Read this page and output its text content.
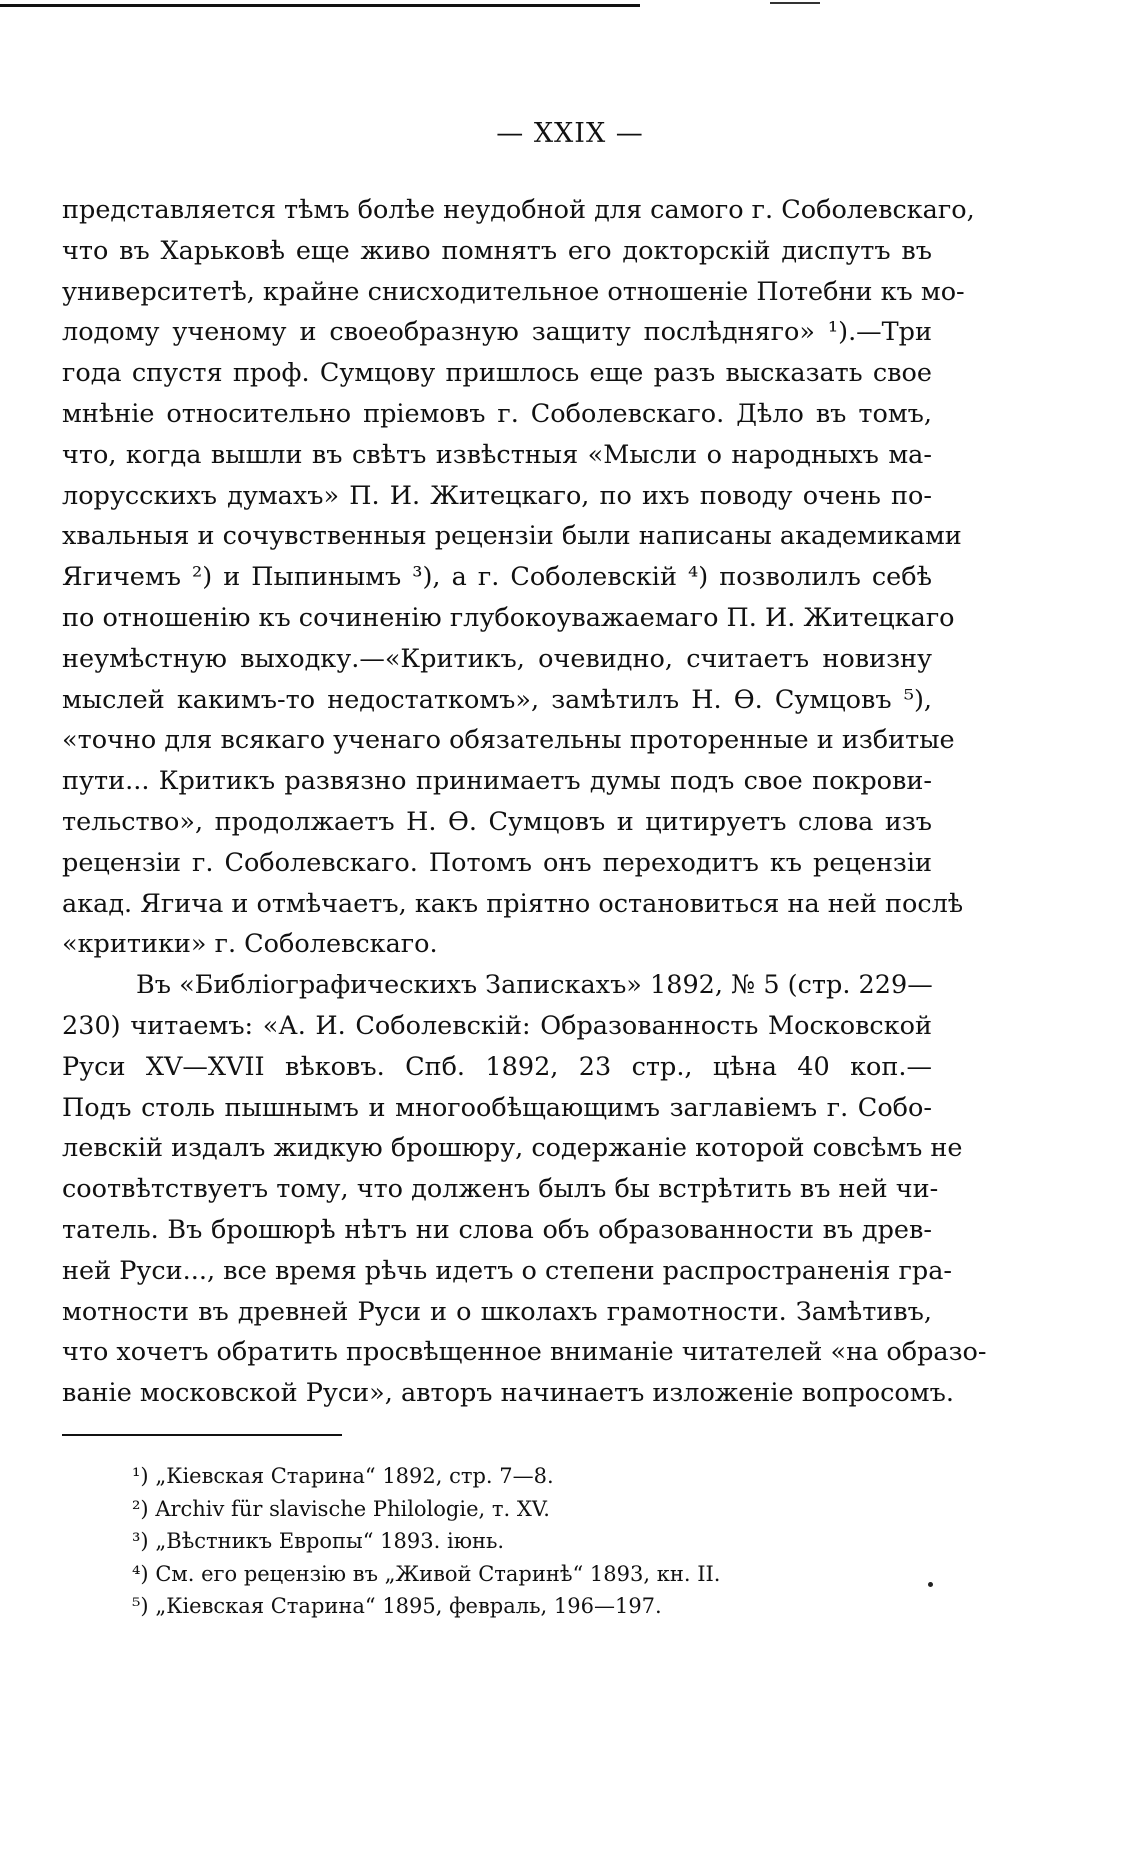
— XXIX —
представляется тѣмъ болѣе неудобной для самого г. Соболевскаго,
что въ Харьковѣ еще живо помнятъ его докторскій диспутъ въ
университетѣ, крайне снисходительное отношеніе Потебни къ мо-
лодому ученому и своеобразную защиту послѣдняго» ¹).—Три
года спустя проф. Сумцову пришлось еще разъ высказать свое
мнѣніе относительно пріемовъ г. Соболевскаго. Дѣло въ томъ,
что, когда вышли въ свѣтъ извѣстныя «Мысли о народныхъ ма-
лорусскихъ думахъ» П. И. Житецкаго, по ихъ поводу очень по-
хвальныя и сочувственныя рецензіи были написаны академиками
Ягичемъ ²) и Пыпинымъ ³), а г. Соболевскій ⁴) позволилъ себѣ
по отношенію къ сочиненію глубокоуважаемаго П. И. Житецкаго
неумѣстную выходку.—«Критикъ, очевидно, считаетъ новизну
мыслей какимъ-то недостаткомъ», замѣтилъ Н. Ѳ. Сумцовъ ⁵),
«точно для всякаго ученаго обязательны проторенные и избитые
пути... Критикъ развязно принимаетъ думы подъ свое покрови-
тельство», продолжаетъ Н. Ѳ. Сумцовъ и цитируетъ слова изъ
рецензіи г. Соболевскаго. Потомъ онъ переходитъ къ рецензіи
акад. Ягича и отмѣчаетъ, какъ пріятно остановиться на ней послѣ
«критики» г. Соболевскаго.
Въ «Библіографическихъ Запискахъ» 1892, № 5 (стр. 229—
230) читаемъ: «А. И. Соболевскій: Образованность Московской
Руси XV—XVII вѣковъ. Спб. 1892, 23 стр., цѣна 40 коп.—
Подъ столь пышнымъ и многообѣщающимъ заглавіемъ г. Собо-
левскій издалъ жидкую брошюру, содержаніе которой совсѣмъ не
соотвѣтствуетъ тому, что долженъ былъ бы встрѣтить въ ней чи-
татель. Въ брошюрѣ нѣтъ ни слова объ образованности въ древ-
ней Руси..., все время рѣчь идетъ о степени распространенія гра-
мотности въ древней Руси и о школахъ грамотности. Замѣтивъ,
что хочетъ обратить просвѣщенное вниманіе читателей «на образо-
ваніе московской Руси», авторъ начинаетъ изложеніе вопросомъ.
¹) „Кіевская Старина“ 1892, стр. 7—8.
²) Archiv für slavische Philologie, т. XV.
³) „Вѣстникъ Европы“ 1893. іюнь.
⁴) См. его рецензію въ „Живой Старинѣ“ 1893, кн. II.
⁵) „Кіевская Старина“ 1895, февраль, 196—197.
